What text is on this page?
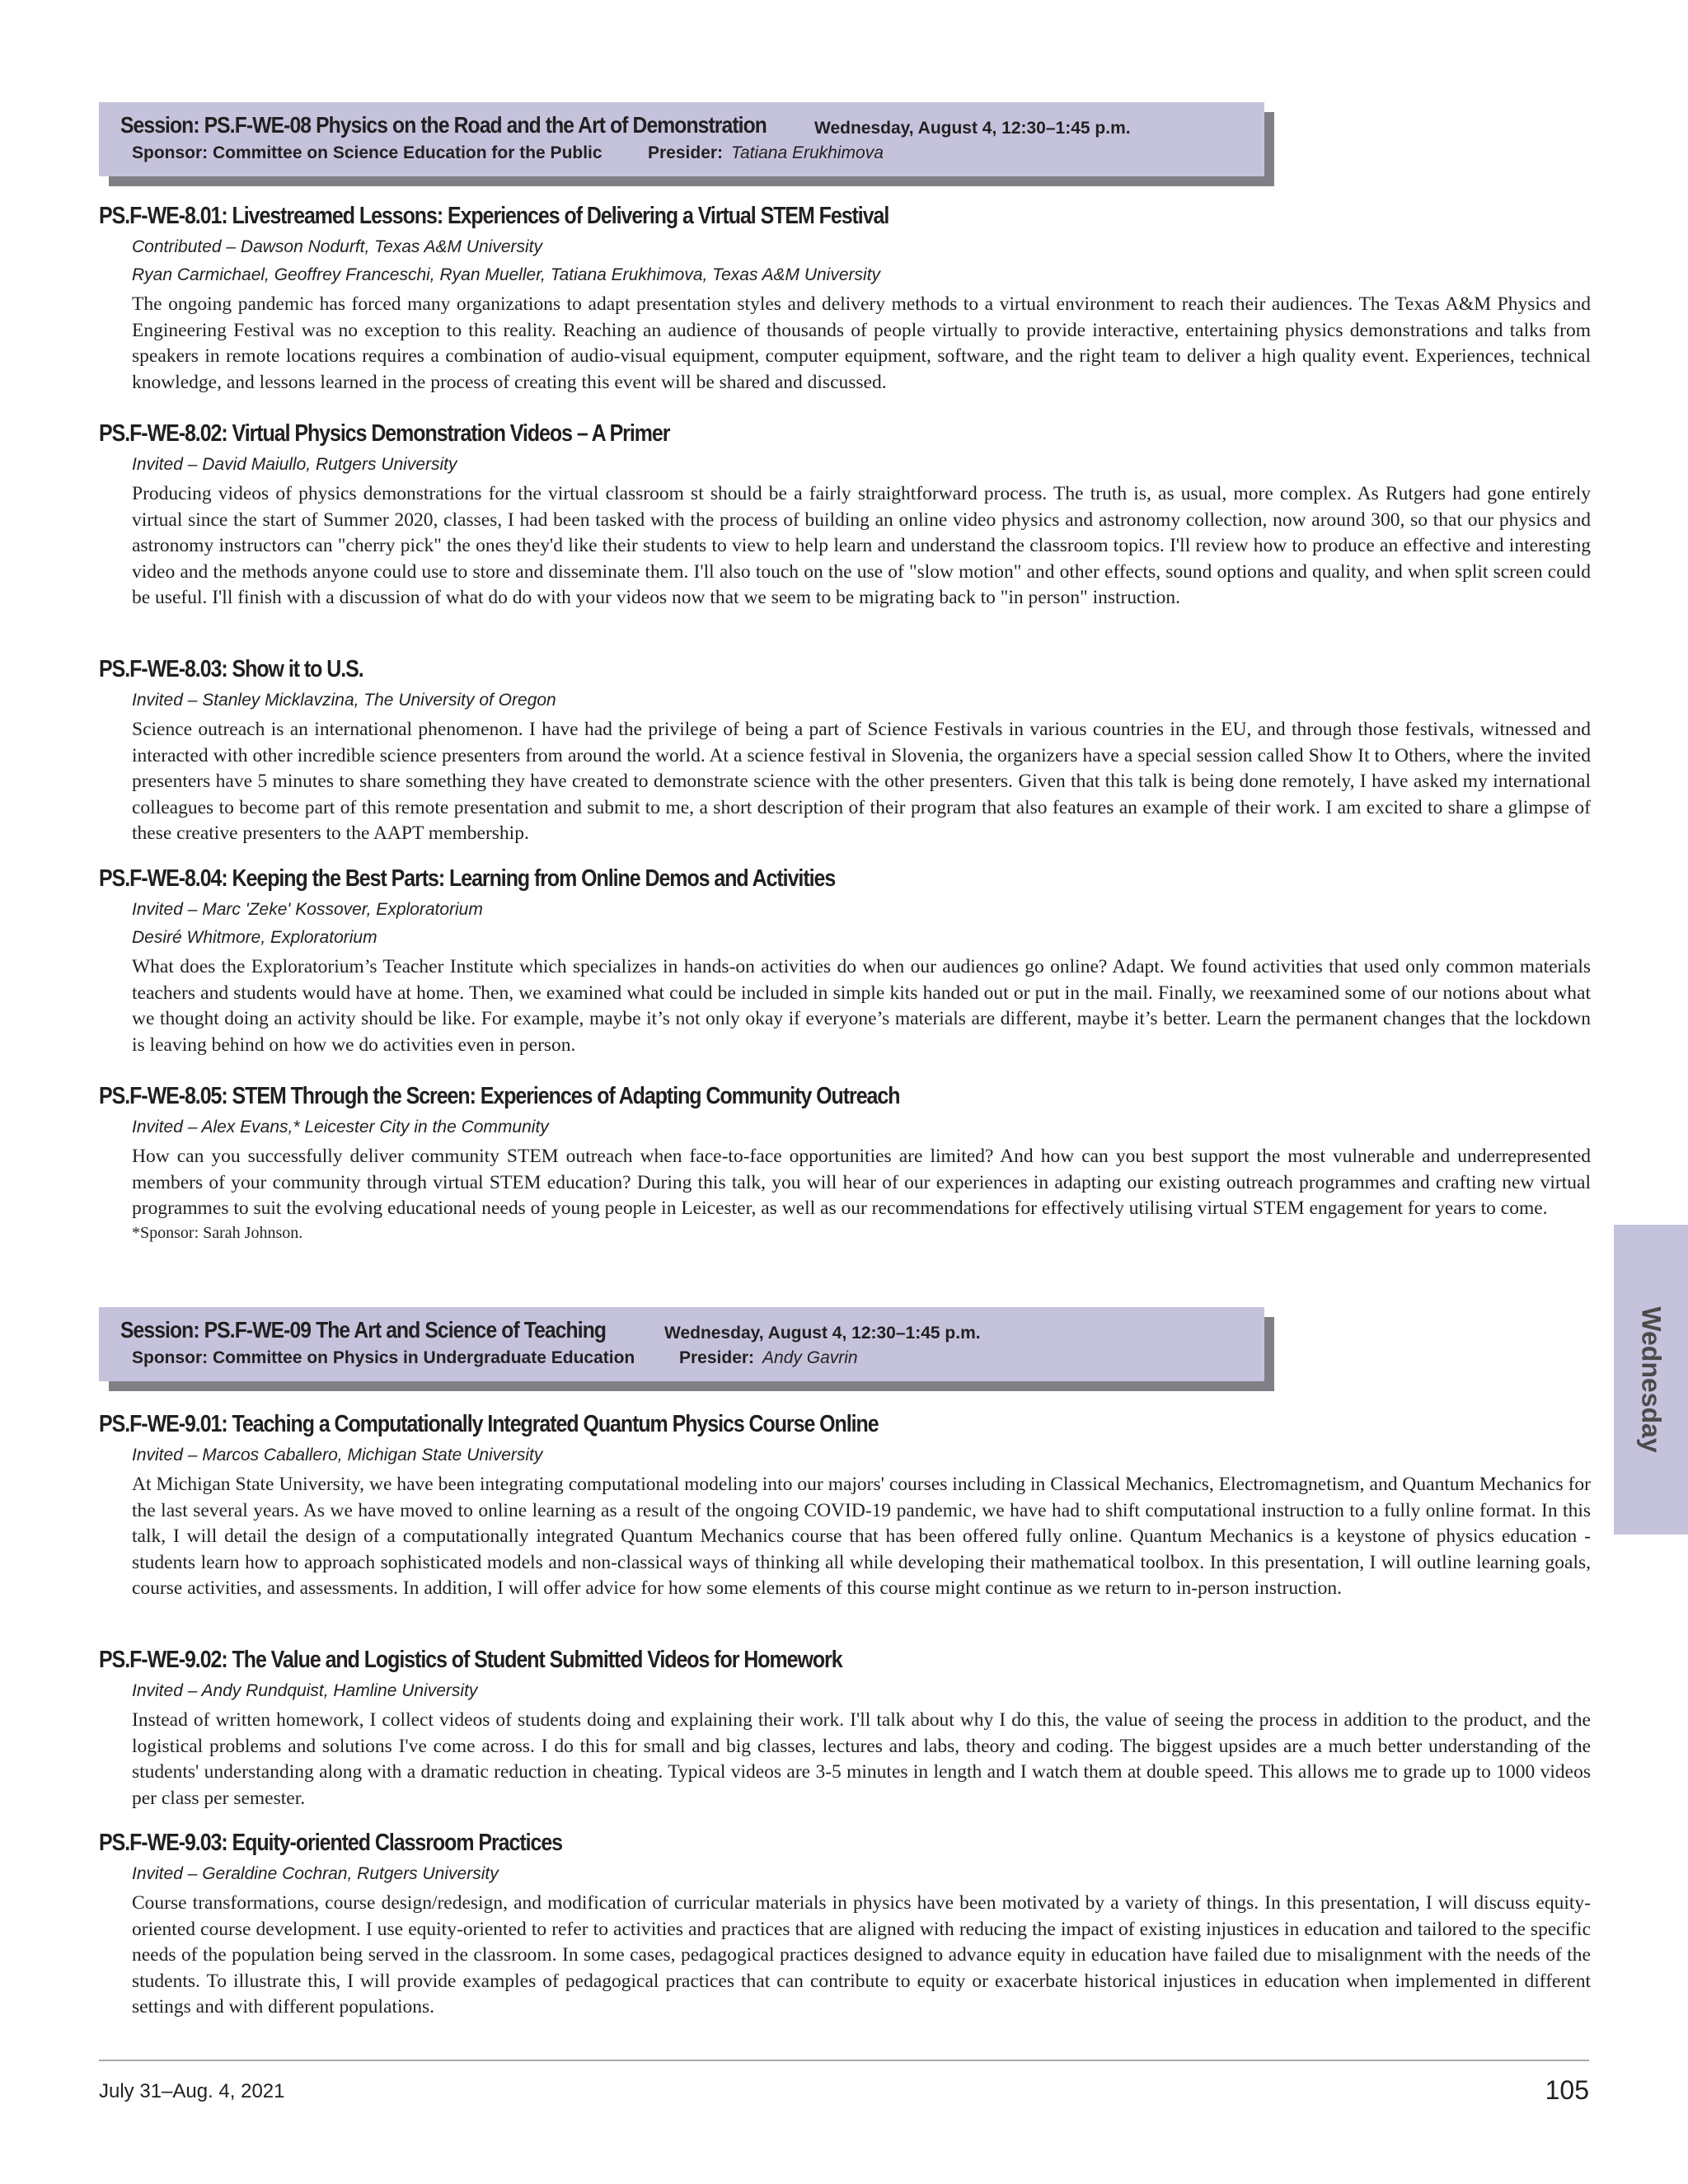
Session: PS.F-WE-08 Physics on the Road and the Art of Demonstration	Wednesday, August 4, 12:30–1:45 p.m.
Sponsor: Committee on Science Education for the Public	Presider: Tatiana Erukhimova
PS.F-WE-8.01: Livestreamed Lessons: Experiences of Delivering a Virtual STEM Festival
Contributed – Dawson Nodurft, Texas A&M University
Ryan Carmichael, Geoffrey Franceschi, Ryan Mueller, Tatiana Erukhimova, Texas A&M University
The ongoing pandemic has forced many organizations to adapt presentation styles and delivery methods to a virtual environment to reach their audiences. The Texas A&M Physics and Engineering Festival was no exception to this reality. Reaching an audience of thousands of people virtually to provide interactive, entertaining physics demonstrations and talks from speakers in remote locations requires a combination of audio-visual equipment, computer equipment, software, and the right team to deliver a high quality event. Experiences, technical knowledge, and lessons learned in the process of creating this event will be shared and discussed.
PS.F-WE-8.02: Virtual Physics Demonstration Videos – A Primer
Invited – David Maiullo, Rutgers University
Producing videos of physics demonstrations for the virtual classroom st should be a fairly straightforward process. The truth is, as usual, more complex. As Rutgers had gone entirely virtual since the start of Summer 2020, classes, I had been tasked with the process of building an online video physics and astronomy collection, now around 300, so that our physics and astronomy instructors can "cherry pick" the ones they'd like their students to view to help learn and understand the classroom topics. I'll review how to produce an effective and interesting video and the methods anyone could use to store and disseminate them. I'll also touch on the use of "slow motion" and other effects, sound options and quality, and when split screen could be useful. I'll finish with a discussion of what do do with your videos now that we seem to be migrating back to "in person" instruction.
PS.F-WE-8.03: Show it to U.S.
Invited – Stanley Micklavzina, The University of Oregon
Science outreach is an international phenomenon. I have had the privilege of being a part of Science Festivals in various countries in the EU, and through those festivals, witnessed and interacted with other incredible science presenters from around the world. At a science festival in Slovenia, the organizers have a special session called Show It to Others, where the invited presenters have 5 minutes to share something they have created to demonstrate science with the other presenters. Given that this talk is being done remotely, I have asked my international colleagues to become part of this remote presentation and submit to me, a short description of their program that also features an example of their work. I am excited to share a glimpse of these creative presenters to the AAPT membership.
PS.F-WE-8.04: Keeping the Best Parts: Learning from Online Demos and Activities
Invited – Marc 'Zeke' Kossover, Exploratorium
Desiré Whitmore, Exploratorium
What does the Exploratorium’s Teacher Institute which specializes in hands-on activities do when our audiences go online? Adapt. We found activities that used only common materials teachers and students would have at home. Then, we examined what could be included in simple kits handed out or put in the mail. Finally, we reexamined some of our notions about what we thought doing an activity should be like. For example, maybe it’s not only okay if everyone’s materials are different, maybe it’s better. Learn the permanent changes that the lockdown is leaving behind on how we do activities even in person.
PS.F-WE-8.05: STEM Through the Screen: Experiences of Adapting Community Outreach
Invited – Alex Evans,* Leicester City in the Community
How can you successfully deliver community STEM outreach when face-to-face opportunities are limited? And how can you best support the most vulnerable and underrepresented members of your community through virtual STEM education? During this talk, you will hear of our experiences in adapting our existing outreach programmes and crafting new virtual programmes to suit the evolving educational needs of young people in Leicester, as well as our recommendations for effectively utilising virtual STEM engagement for years to come.
*Sponsor: Sarah Johnson.
Session: PS.F-WE-09 The Art and Science of Teaching	Wednesday, August 4, 12:30–1:45 p.m.
Sponsor: Committee on Physics in Undergraduate Education	Presider: Andy Gavrin
PS.F-WE-9.01: Teaching a Computationally Integrated Quantum Physics Course Online
Invited – Marcos Caballero, Michigan State University
At Michigan State University, we have been integrating computational modeling into our majors' courses including in Classical Mechanics, Electromagnetism, and Quantum Mechanics for the last several years. As we have moved to online learning as a result of the ongoing COVID-19 pandemic, we have had to shift computational instruction to a fully online format. In this talk, I will detail the design of a computationally integrated Quantum Mechanics course that has been offered fully online. Quantum Mechanics is a keystone of physics education - students learn how to approach sophisticated models and non-classical ways of thinking all while developing their mathematical toolbox. In this presentation, I will outline learning goals, course activities, and assessments. In addition, I will offer advice for how some elements of this course might continue as we return to in-person instruction.
PS.F-WE-9.02: The Value and Logistics of Student Submitted Videos for Homework
Invited – Andy Rundquist, Hamline University
Instead of written homework, I collect videos of students doing and explaining their work. I'll talk about why I do this, the value of seeing the process in addition to the product, and the logistical problems and solutions I've come across. I do this for small and big classes, lectures and labs, theory and coding. The biggest upsides are a much better understanding of the students' understanding along with a dramatic reduction in cheating. Typical videos are 3-5 minutes in length and I watch them at double speed. This allows me to grade up to 1000 videos per class per semester.
PS.F-WE-9.03: Equity-oriented Classroom Practices
Invited – Geraldine Cochran, Rutgers University
Course transformations, course design/redesign, and modification of curricular materials in physics have been motivated by a variety of things. In this presentation, I will discuss equity-oriented course development. I use equity-oriented to refer to activities and practices that are aligned with reducing the impact of existing injustices in education and tailored to the specific needs of the population being served in the classroom. In some cases, pedagogical practices designed to advance equity in education have failed due to misalignment with the needs of the students. To illustrate this, I will provide examples of pedagogical practices that can contribute to equity or exacerbate historical injustices in education when implemented in different settings and with different populations.
Wednesday
July 31–Aug. 4, 2021	105
